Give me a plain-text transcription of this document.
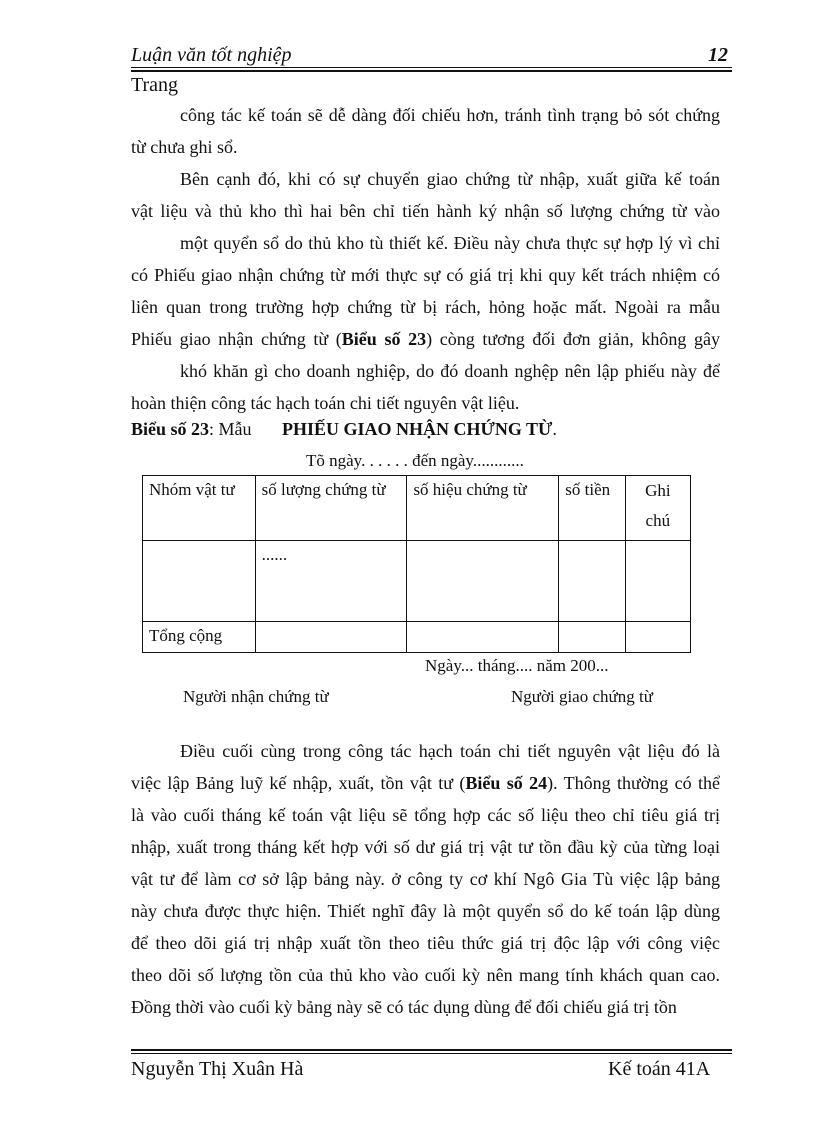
Luận văn tốt nghiệp	12
Trang
công tác kế toán sẽ dễ dàng đối chiếu hơn, tránh tình trạng bỏ sót chứng
từ chưa ghi sổ.
Bên cạnh đó, khi có sự chuyển giao chứng từ nhập, xuất giữa kế toán
vật liệu và thủ kho thì hai bên chỉ tiến hành ký nhận số lượng chứng từ vào
một quyển sổ do thủ kho tù thiết kế. Điều này chưa thực sự hợp lý vì chỉ
có Phiếu giao nhận chứng từ mới thực sự có giá trị khi quy kết trách nhiệm có
liên quan trong trường hợp chứng từ bị rách, hỏng hoặc mất. Ngoài ra mẫu
Phiếu giao nhận chứng từ (Biểu số 23) còng tương đối đơn giản, không gây
khó khăn gì cho doanh nghiệp, do đó doanh nghệp nên lập phiếu này để
hoàn thiện công tác hạch toán chi tiết nguyên vật liệu.
Biểu số 23: Mẫu PHIẾU GIAO NHẬN CHỨNG TỪ.
Tõ ngày. . . . . . đến ngày............
Nhóm vật tư	số lượng chứng từ	số hiệu chứng từ	số tiền	Ghi chú
	......			
Tổng cộng				
Ngày... tháng.... năm 200...
Người nhận chứng từ	Người giao chứng từ
Điều cuối cùng trong công tác hạch toán chi tiết nguyên vật liệu đó là
việc lập Bảng luỹ kế nhập, xuất, tồn vật tư (Biểu số 24). Thông thường có thể
là vào cuối tháng kế toán vật liệu sẽ tổng hợp các số liệu theo chỉ tiêu giá trị
nhập, xuất trong tháng kết hợp với số dư giá trị vật tư tồn đầu kỳ của từng loại
vật tư để làm cơ sở lập bảng này. ở công ty cơ khí Ngô Gia Tù việc lập bảng
này chưa được thực hiện. Thiết nghĩ đây là một quyển sổ do kế toán lập dùng
để theo dõi giá trị nhập xuất tồn theo tiêu thức giá trị độc lập với công việc
theo dõi số lượng tồn của thủ kho vào cuối kỳ nên mang tính khách quan cao.
Đồng thời vào cuối kỳ bảng này sẽ có tác dụng dùng để đối chiếu giá trị tồn
Nguyễn Thị Xuân Hà	Kế toán 41A
